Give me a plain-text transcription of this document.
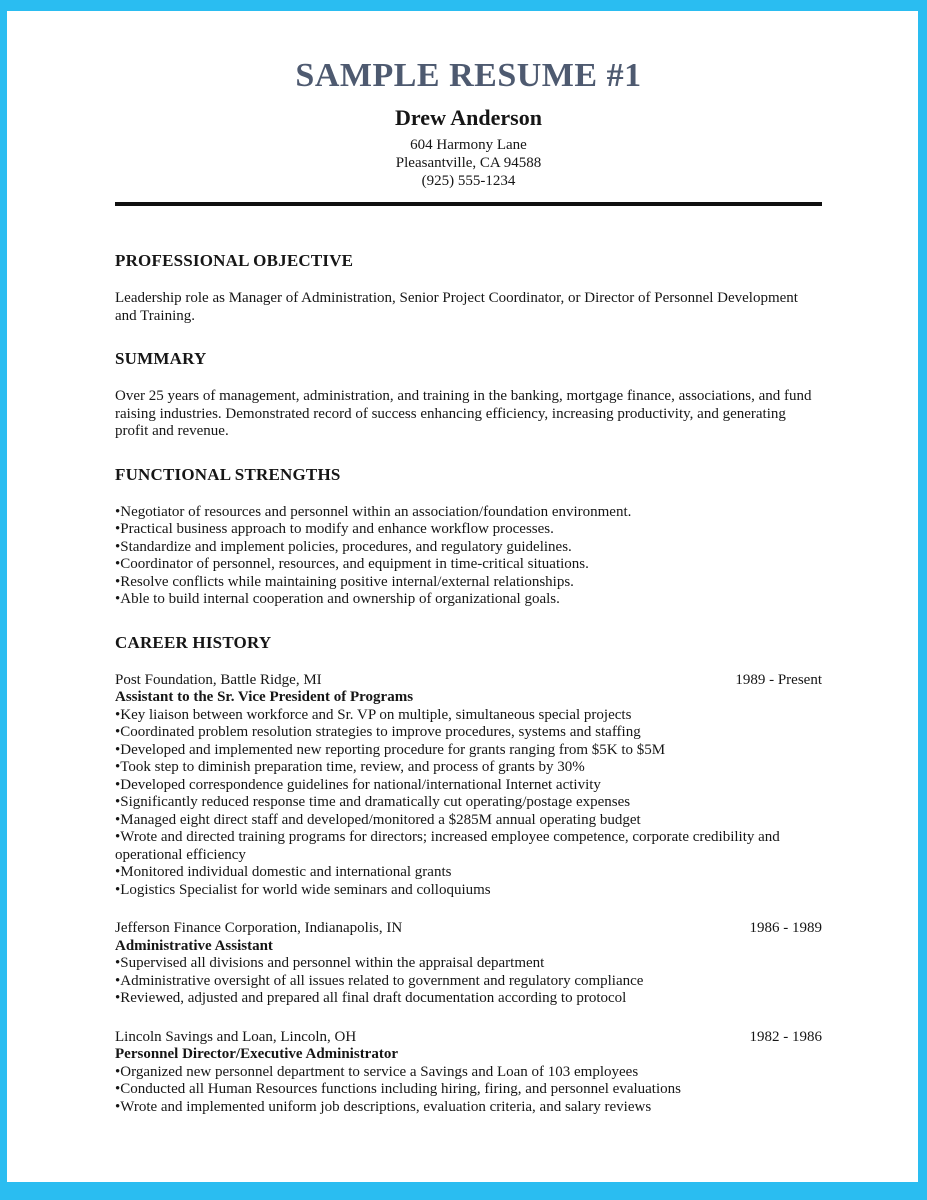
SAMPLE RESUME #1
Drew Anderson
604 Harmony Lane
Pleasantville, CA 94588
(925) 555-1234
PROFESSIONAL OBJECTIVE

Leadership role as Manager of Administration, Senior Project Coordinator, or Director of Personnel Development and Training.

SUMMARY

Over 25 years of management, administration, and training in the banking, mortgage finance, associations, and fund raising industries. Demonstrated record of success enhancing efficiency, increasing productivity, and generating profit and revenue.

FUNCTIONAL STRENGTHS

• Negotiator of resources and personnel within an association/foundation environment.

• Practical business approach to modify and enhance workflow processes.

• Standardize and implement policies, procedures, and regulatory guidelines.

• Coordinator of personnel, resources, and equipment in time-critical situations.

• Resolve conflicts while maintaining positive internal/external relationships.

• Able to build internal cooperation and ownership of organizational goals.

CAREER HISTORY
Post Foundation, Battle Ridge, MI	1989 - Present
Assistant to the Sr. Vice President of Programs

• Key liaison between workforce and Sr. VP on multiple, simultaneous special projects

• Coordinated problem resolution strategies to improve procedures, systems and staffing

• Developed and implemented new reporting procedure for grants ranging from $5K to $5M

• Took step to diminish preparation time, review, and process of grants by 30%

• Developed correspondence guidelines for national/international Internet activity

• Significantly reduced response time and dramatically cut operating/postage expenses

• Managed eight direct staff and developed/monitored a $285M annual operating budget

• Wrote and directed training programs for directors; increased employee competence, corporate credibility and operational efficiency

• Monitored individual domestic and international grants

• Logistics Specialist for world wide seminars and colloquiums

Jefferson Finance Corporation, Indianapolis, IN	1986 - 1989
Administrative Assistant

• Supervised all divisions and personnel within the appraisal department

• Administrative oversight of all issues related to government and regulatory compliance

• Reviewed, adjusted and prepared all final draft documentation according to protocol

Lincoln Savings and Loan, Lincoln, OH	1982 - 1986
Personnel Director/Executive Administrator

• Organized new personnel department to service a Savings and Loan of 103 employees

• Conducted all Human Resources functions including hiring, firing, and personnel evaluations

• Wrote and implemented uniform job descriptions, evaluation criteria, and salary reviews
